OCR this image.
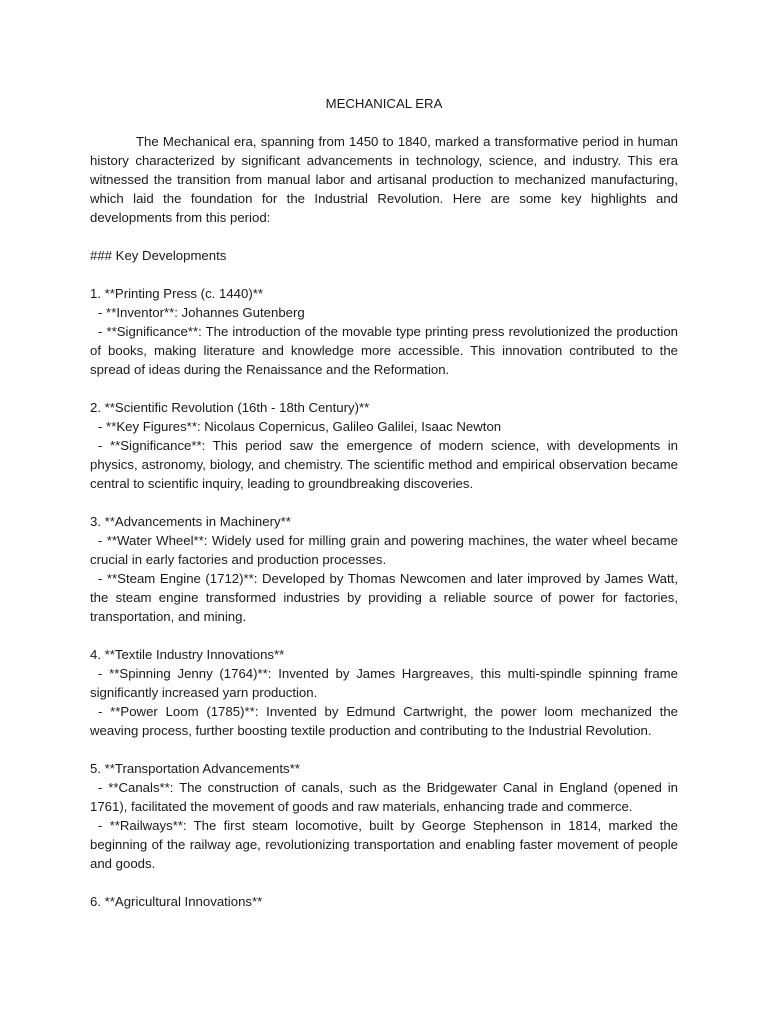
MECHANICAL ERA

The Mechanical era, spanning from 1450 to 1840, marked a transformative period in human history characterized by significant advancements in technology, science, and industry. This era witnessed the transition from manual labor and artisanal production to mechanized manufacturing, which laid the foundation for the Industrial Revolution. Here are some key highlights and developments from this period:

### Key Developments

1. **Printing Press (c. 1440)**

- **Inventor**: Johannes Gutenberg

- **Significance**: The introduction of the movable type printing press revolutionized the production of books, making literature and knowledge more accessible. This innovation contributed to the spread of ideas during the Renaissance and the Reformation.

2. **Scientific Revolution (16th - 18th Century)**

- **Key Figures**: Nicolaus Copernicus, Galileo Galilei, Isaac Newton

- **Significance**: This period saw the emergence of modern science, with developments in physics, astronomy, biology, and chemistry. The scientific method and empirical observation became central to scientific inquiry, leading to groundbreaking discoveries.

3. **Advancements in Machinery**

- **Water Wheel**: Widely used for milling grain and powering machines, the water wheel became crucial in early factories and production processes.

- **Steam Engine (1712)**: Developed by Thomas Newcomen and later improved by James Watt, the steam engine transformed industries by providing a reliable source of power for factories, transportation, and mining.

4. **Textile Industry Innovations**

- **Spinning Jenny (1764)**: Invented by James Hargreaves, this multi-spindle spinning frame significantly increased yarn production.

- **Power Loom (1785)**: Invented by Edmund Cartwright, the power loom mechanized the weaving process, further boosting textile production and contributing to the Industrial Revolution.

5. **Transportation Advancements**

- **Canals**: The construction of canals, such as the Bridgewater Canal in England (opened in 1761), facilitated the movement of goods and raw materials, enhancing trade and commerce.

- **Railways**: The first steam locomotive, built by George Stephenson in 1814, marked the beginning of the railway age, revolutionizing transportation and enabling faster movement of people and goods.

6. **Agricultural Innovations**
